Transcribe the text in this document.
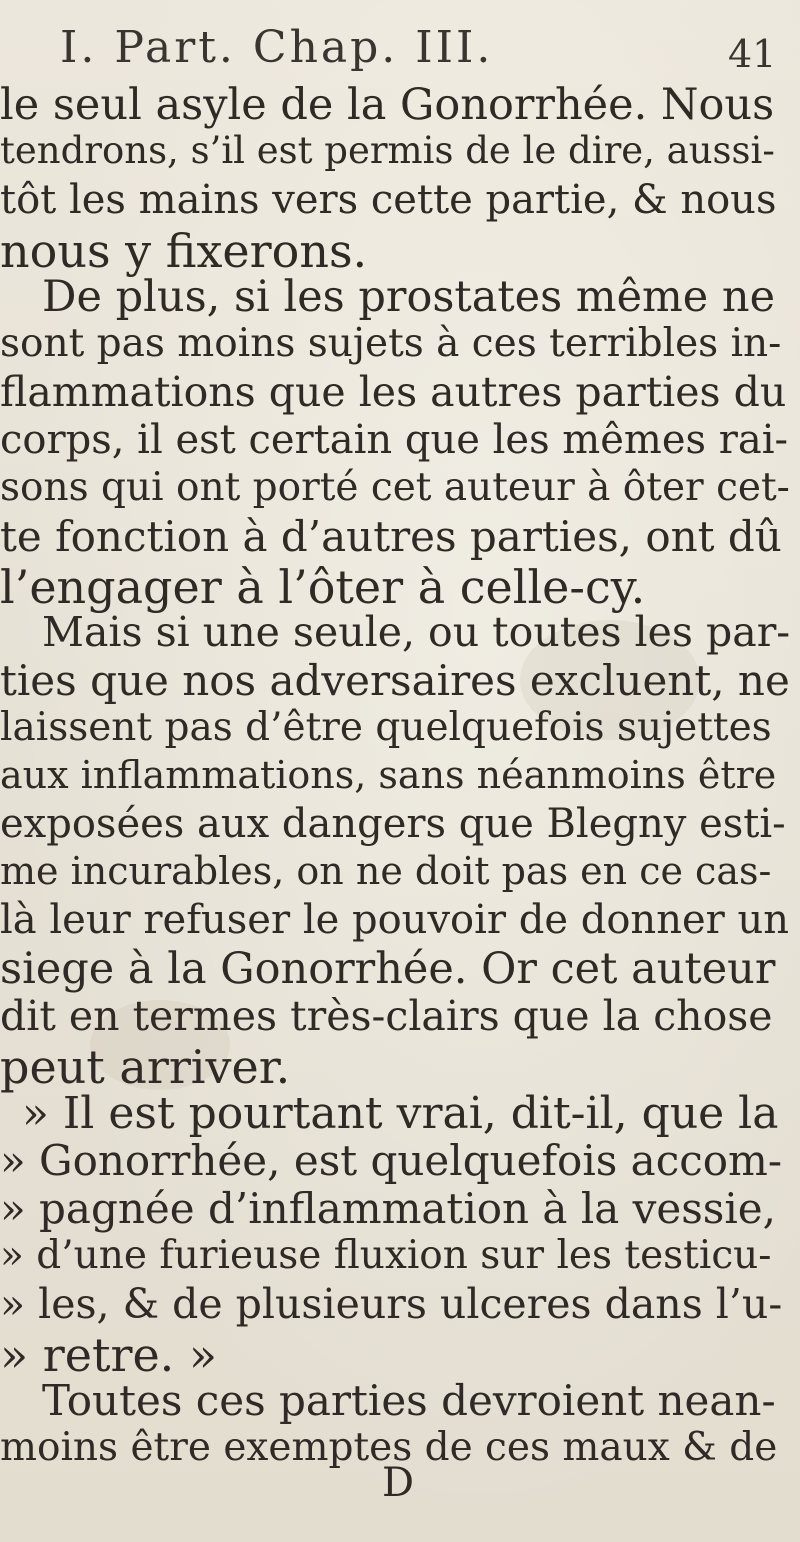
I. Part. Chap. III.	41
le seul asyle de la Gonorrhée. Nous
tendrons, s’il est permis de le dire, aussi-
tôt les mains vers cette partie, & nous
nous y fixerons.
De plus, si les prostates même ne
sont pas moins sujets à ces terribles in-
flammations que les autres parties du
corps, il est certain que les mêmes rai-
sons qui ont porté cet auteur à ôter cet-
te fonction à d’autres parties, ont dû
l’engager à l’ôter à celle-cy.
Mais si une seule, ou toutes les par-
ties que nos adversaires excluent, ne
laissent pas d’être quelquefois sujettes
aux inflammations, sans néanmoins être
exposées aux dangers que Blegny esti-
me incurables, on ne doit pas en ce cas-
là leur refuser le pouvoir de donner un
siege à la Gonorrhée. Or cet auteur
dit en termes très-clairs que la chose
peut arriver.
» Il est pourtant vrai, dit-il, que la
» Gonorrhée, est quelquefois accom-
» pagnée d’inflammation à la vessie,
» d’une furieuse fluxion sur les testicu-
» les, & de plusieurs ulceres dans l’u-
» retre. »
Toutes ces parties devroient nean-
moins être exemptes de ces maux & de
D
